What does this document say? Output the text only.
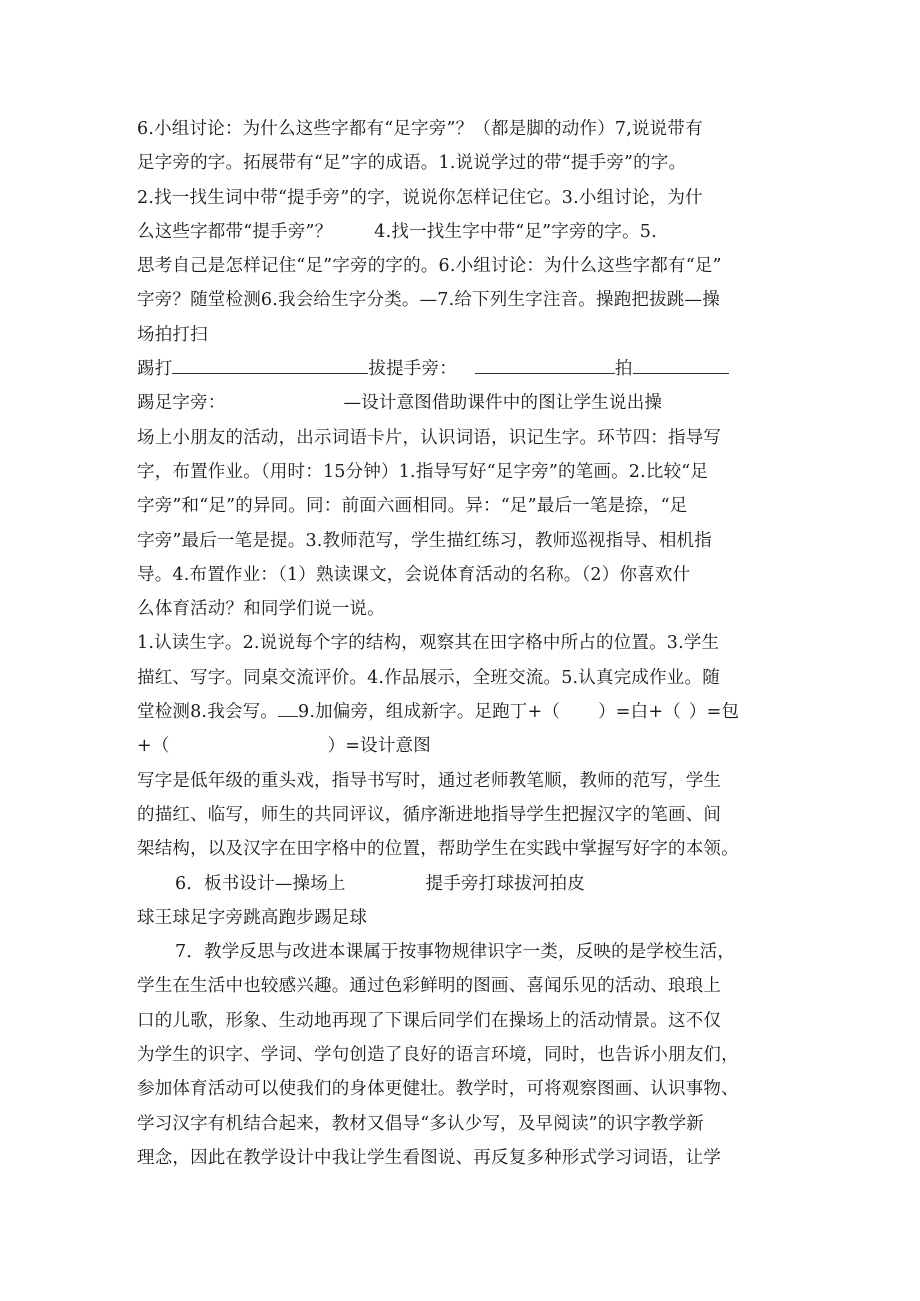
6.小组讨论：为什么这些字都有“足字旁”？（都是脚的动作）7,说说带有
足字旁的字。拓展带有“足”字的成语。1.说说学过的带“提手旁”的字。
2.找一找生词中带“提手旁”的字，说说你怎样记住它。3.小组讨论，为什
么这些字都带“提手旁”？ 4.找一找生字中带“足”字旁的字。5.
思考自己是怎样记住“足”字旁的字的。6.小组讨论：为什么这些字都有“足”
字旁？随堂检测6.我会给生字分类。—7.给下列生字注音。操跑把拔跳—操
场拍打扫
踢打	拔提手旁：	拍
踢足字旁：	—设计意图借助课件中的图让学生说出操
场上小朋友的活动，出示词语卡片，认识词语，识记生字。环节四：指导写
字，布置作业。（用时：15分钟）1.指导写好“足字旁”的笔画。2.比较“足
字旁”和“足”的异同。同：前面六画相同。异：“足”最后一笔是捺，“足
字旁”最后一笔是提。3.教师范写，学生描红练习，教师巡视指导、相机指
导。4.布置作业：（1）熟读课文，会说体育活动的名称。（2）你喜欢什
么体育活动？和同学们说一说。
1.认读生字。2.说说每个字的结构，观察其在田字格中所占的位置。3.学生
描红、写字。同桌交流评价。4.作品展示，全班交流。5.认真完成作业。随
堂检测8.我会写。 9.加偏旁，组成新字。足跑丁+（ ）=白+（ ）=包
+（	）=设计意图
写字是低年级的重头戏，指导书写时，通过老师教笔顺，教师的范写，学生
的描红、临写，师生的共同评议，循序渐进地指导学生把握汉字的笔画、间
架结构，以及汉字在田字格中的位置，帮助学生在实践中掌握写好字的本领。
6．板书设计—操场上	提手旁打球拔河拍皮
球王球足字旁跳高跑步踢足球
7．教学反思与改进本课属于按事物规律识字一类，反映的是学校生活，
学生在生活中也较感兴趣。通过色彩鲜明的图画、喜闻乐见的活动、琅琅上
口的儿歌，形象、生动地再现了下课后同学们在操场上的活动情景。这不仅
为学生的识字、学词、学句创造了良好的语言环境，同时，也告诉小朋友们，
参加体育活动可以使我们的身体更健壮。教学时，可将观察图画、认识事物、
学习汉字有机结合起来，教材又倡导“多认少写，及早阅读”的识字教学新
理念，因此在教学设计中我让学生看图说、再反复多种形式学习词语，让学
